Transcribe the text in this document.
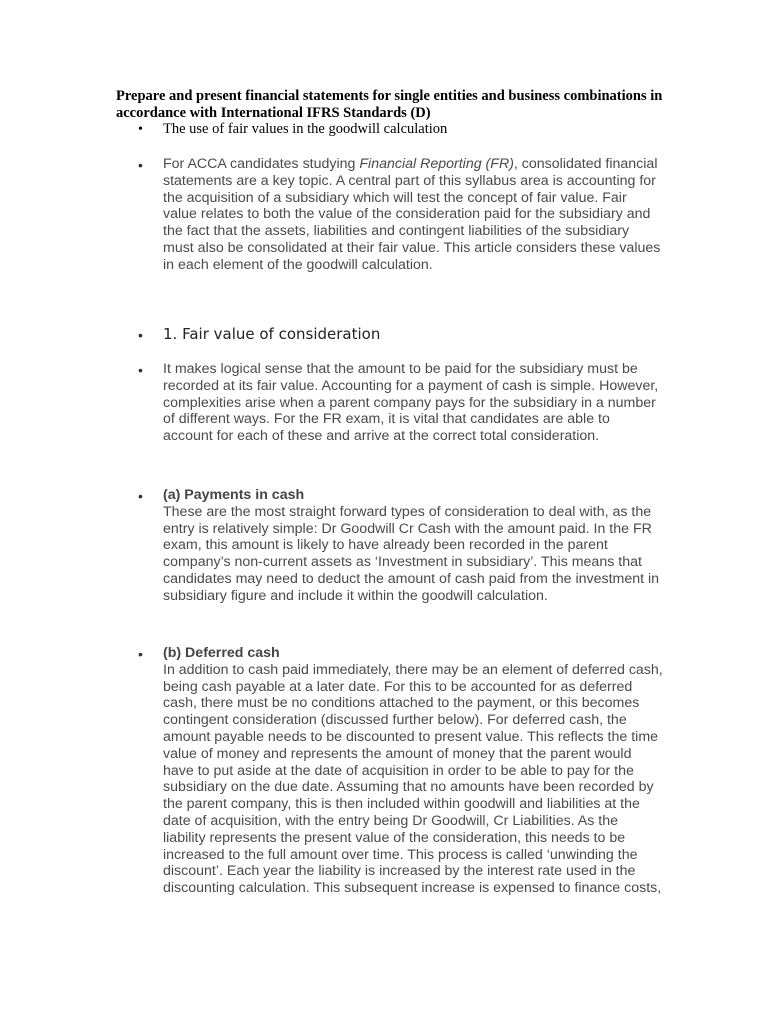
Prepare and present financial statements for single entities and business combinations in accordance with International IFRS Standards (D)

• The use of fair values in the goodwill calculation

• For ACCA candidates studying Financial Reporting (FR), consolidated financial statements are a key topic. A central part of this syllabus area is accounting for the acquisition of a subsidiary which will test the concept of fair value. Fair value relates to both the value of the consideration paid for the subsidiary and the fact that the assets, liabilities and contingent liabilities of the subsidiary must also be consolidated at their fair value. This article considers these values in each element of the goodwill calculation.

• 1. Fair value of consideration

• It makes logical sense that the amount to be paid for the subsidiary must be recorded at its fair value. Accounting for a payment of cash is simple. However, complexities arise when a parent company pays for the subsidiary in a number of different ways. For the FR exam, it is vital that candidates are able to account for each of these and arrive at the correct total consideration.

• (a) Payments in cash
These are the most straight forward types of consideration to deal with, as the entry is relatively simple: Dr Goodwill Cr Cash with the amount paid. In the FR exam, this amount is likely to have already been recorded in the parent company’s non-current assets as ‘Investment in subsidiary’. This means that candidates may need to deduct the amount of cash paid from the investment in subsidiary figure and include it within the goodwill calculation.

• (b) Deferred cash
In addition to cash paid immediately, there may be an element of deferred cash, being cash payable at a later date. For this to be accounted for as deferred cash, there must be no conditions attached to the payment, or this becomes contingent consideration (discussed further below). For deferred cash, the amount payable needs to be discounted to present value. This reflects the time value of money and represents the amount of money that the parent would have to put aside at the date of acquisition in order to be able to pay for the subsidiary on the due date. Assuming that no amounts have been recorded by the parent company, this is then included within goodwill and liabilities at the date of acquisition, with the entry being Dr Goodwill, Cr Liabilities. As the liability represents the present value of the consideration, this needs to be increased to the full amount over time. This process is called ‘unwinding the discount’. Each year the liability is increased by the interest rate used in the discounting calculation. This subsequent increase is expensed to finance costs,
